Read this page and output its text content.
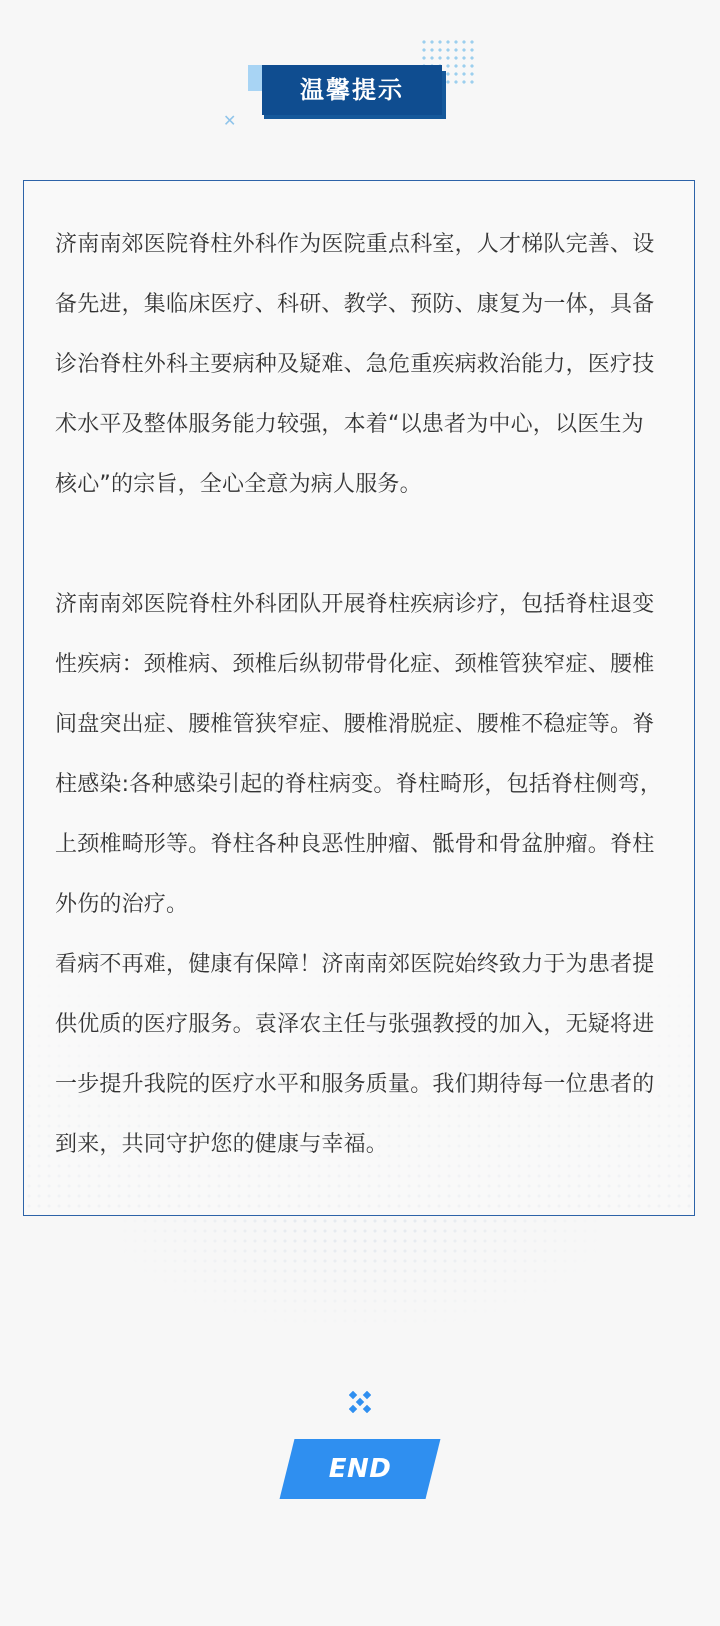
温馨提示
✕

济南南郊医院脊柱外科作为医院重点科室，人才梯队完善、设备先进，集临床医疗、科研、教学、预防、康复为一体，具备诊治脊柱外科主要病种及疑难、急危重疾病救治能力，医疗技术水平及整体服务能力较强，本着“以患者为中心，以医生为核心”的宗旨，全心全意为病人服务。

济南南郊医院脊柱外科团队开展脊柱疾病诊疗，包括脊柱退变性疾病：颈椎病、颈椎后纵韧带骨化症、颈椎管狭窄症、腰椎间盘突出症、腰椎管狭窄症、腰椎滑脱症、腰椎不稳症等。脊柱感染:各种感染引起的脊柱病变。脊柱畸形，包括脊柱侧弯，上颈椎畸形等。脊柱各种良恶性肿瘤、骶骨和骨盆肿瘤。脊柱外伤的治疗。

看病不再难，健康有保障！济南南郊医院始终致力于为患者提供优质的医疗服务。袁泽农主任与张强教授的加入，无疑将进一步提升我院的医疗水平和服务质量。我们期待每一位患者的到来，共同守护您的健康与幸福。

END
